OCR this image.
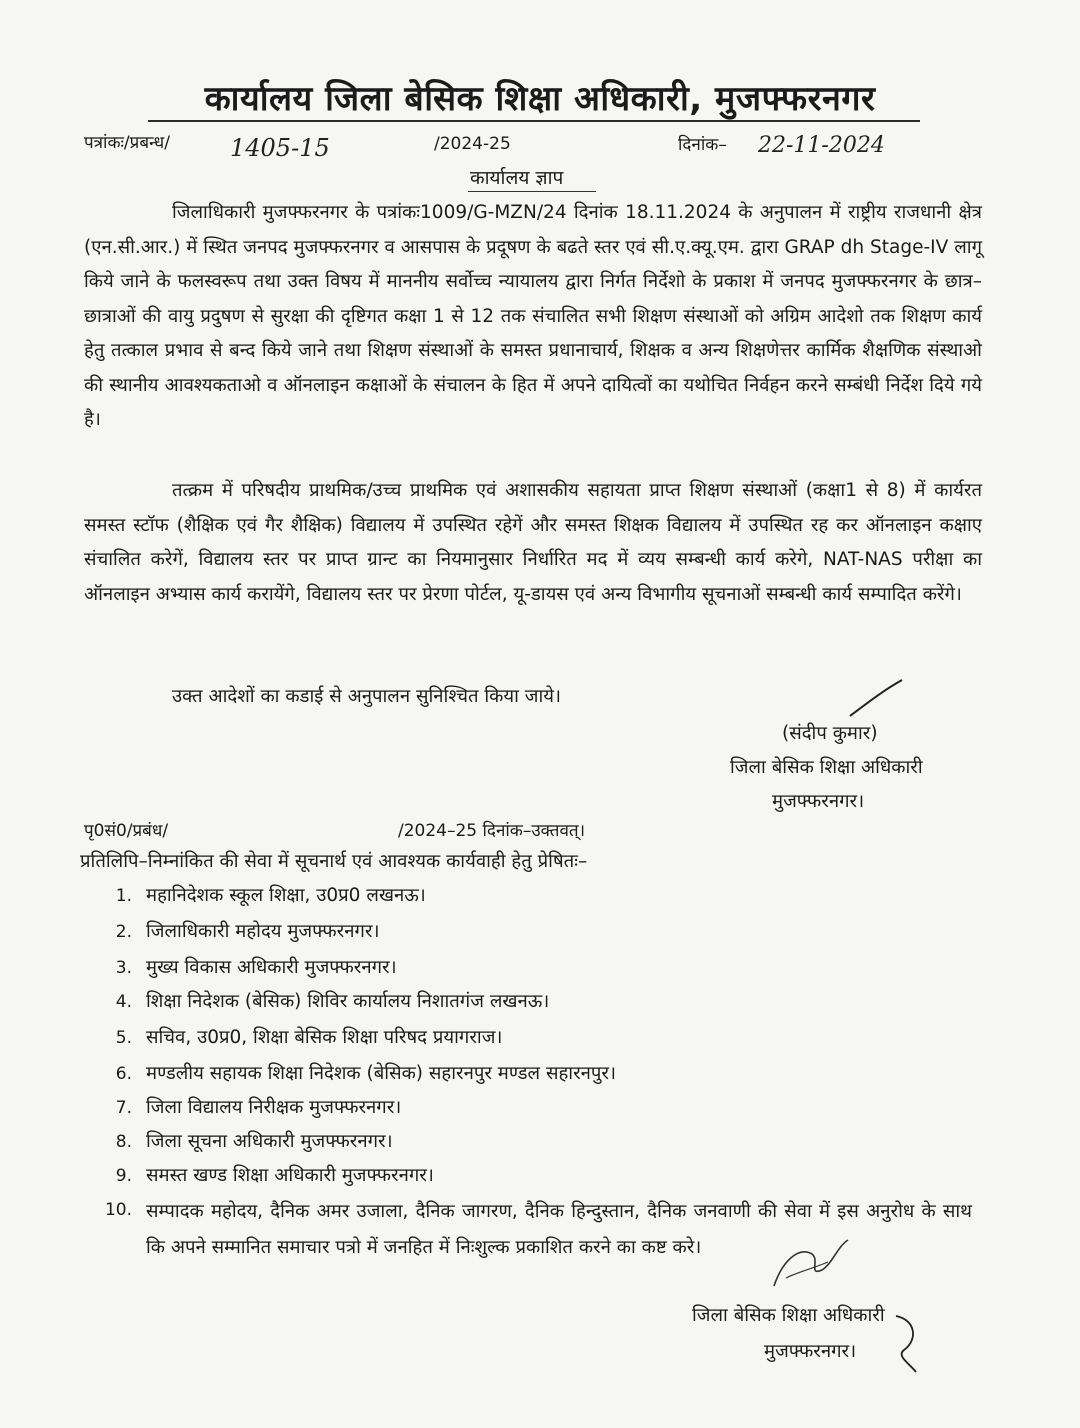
कार्यालय जिला बेसिक शिक्षा अधिकारी, मुजफ्फरनगर
पत्रांकः/प्रबन्ध/	1405-15	/2024-25	दिनांक– 22-11-2024
कार्यालय ज्ञाप
जिलाधिकारी मुजफ्फरनगर के पत्रांकः1009/G-MZN/24 दिनांक 18.11.2024 के अनुपालन में राष्ट्रीय राजधानी क्षेत्र (एन.सी.आर.) में स्थित जनपद मुजफ्फरनगर व आसपास के प्रदूषण के बढते स्तर एवं सी.ए.क्यू.एम. द्वारा GRAP dh Stage-IV लागू किये जाने के फलस्वरूप तथा उक्त विषय में माननीय सर्वोच्च न्यायालय द्वारा निर्गत निर्देशो के प्रकाश में जनपद मुजफ्फरनगर के छात्र–छात्राओं की वायु प्रदुषण से सुरक्षा की दृष्टिगत कक्षा 1 से 12 तक संचालित सभी शिक्षण संस्थाओं को अग्रिम आदेशो तक शिक्षण कार्य हेतु तत्काल प्रभाव से बन्द किये जाने तथा शिक्षण संस्थाओं के समस्त प्रधानाचार्य, शिक्षक व अन्य शिक्षणेत्तर कार्मिक शैक्षणिक संस्थाओ की स्थानीय आवश्यकताओ व ऑनलाइन कक्षाओं के संचालन के हित में अपने दायित्वों का यथोचित निर्वहन करने सम्बंधी निर्देश दिये गये है।
तत्क्रम में परिषदीय प्राथमिक/उच्च प्राथमिक एवं अशासकीय सहायता प्राप्त शिक्षण संस्थाओं (कक्षा1 से 8) में कार्यरत समस्त स्टॉफ (शैक्षिक एवं गैर शैक्षिक) विद्यालय में उपस्थित रहेगें और समस्त शिक्षक विद्यालय में उपस्थित रह कर ऑनलाइन कक्षाए संचालित करेगें, विद्यालय स्तर पर प्राप्त ग्रान्ट का नियमानुसार निर्धारित मद में व्यय सम्बन्धी कार्य करेगे, NAT-NAS परीक्षा का ऑनलाइन अभ्यास कार्य करायेंगे, विद्यालय स्तर पर प्रेरणा पोर्टल, यू-डायस एवं अन्य विभागीय सूचनाओं सम्बन्धी कार्य सम्पादित करेंगे।
उक्त आदेशों का कडाई से अनुपालन सुनिश्चित किया जाये।
(संदीप कुमार)
जिला बेसिक शिक्षा अधिकारी
मुजफ्फरनगर।
पृ0सं0/प्रबंध/	/2024–25 दिनांक–उक्तवत्।
प्रतिलिपि–निम्नांकित की सेवा में सूचनार्थ एवं आवश्यक कार्यवाही हेतु प्रेषितः–
1. महानिदेशक स्कूल शिक्षा, उ0प्र0 लखनऊ।
2. जिलाधिकारी महोदय मुजफ्फरनगर।
3. मुख्य विकास अधिकारी मुजफ्फरनगर।
4. शिक्षा निदेशक (बेसिक) शिविर कार्यालय निशातगंज लखनऊ।
5. सचिव, उ0प्र0, शिक्षा बेसिक शिक्षा परिषद प्रयागराज।
6. मण्डलीय सहायक शिक्षा निदेशक (बेसिक) सहारनपुर मण्डल सहारनपुर।
7. जिला विद्यालय निरीक्षक मुजफ्फरनगर।
8. जिला सूचना अधिकारी मुजफ्फरनगर।
9. समस्त खण्ड शिक्षा अधिकारी मुजफ्फरनगर।
10. सम्पादक महोदय, दैनिक अमर उजाला, दैनिक जागरण, दैनिक हिन्दुस्तान, दैनिक जनवाणी की सेवा में इस अनुरोध के साथ कि अपने सम्मानित समाचार पत्रो में जनहित में निःशुल्क प्रकाशित करने का कष्ट करे।
जिला बेसिक शिक्षा अधिकारी
मुजफ्फरनगर।
